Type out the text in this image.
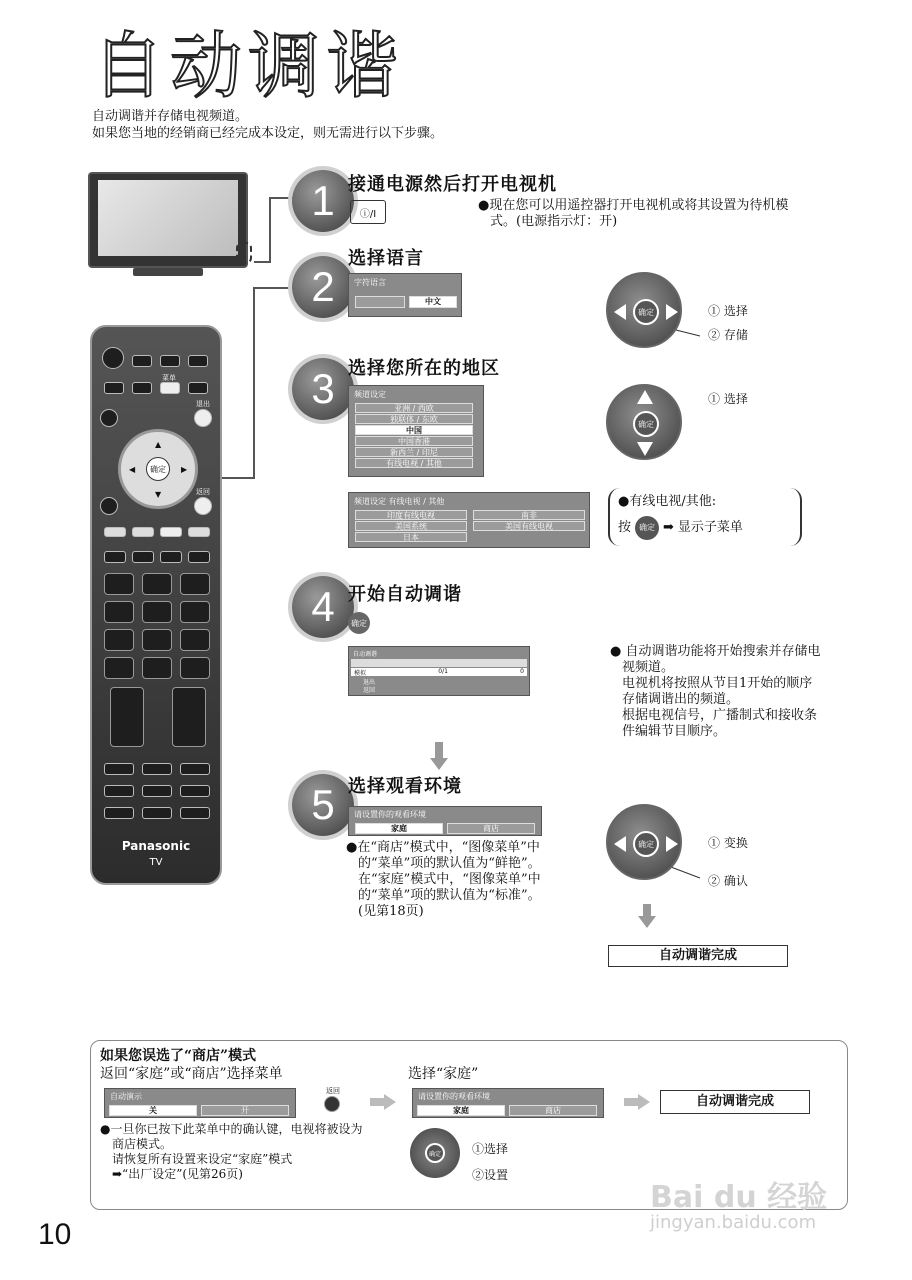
自动调谐
自动调谐并存储电视频道。
如果您当地的经销商已经完成本设定，则无需进行以下步骤。
菜单
退出
确定
▲
▼
◀	▶
返回
Panasonic
TV
1 接通电源然后打开电视机
ⓘ/I
●现在您可以用遥控器打开电视机或将其设置为待机模
式。(电源指示灯：开)
2
选择语言
字符语言
中文
确定	① 选择
② 存储
3 选择您所在的地区
频道设定
亚洲 / 西欧
独联体 / 东欧
中国
中国香港
新西兰 / 印尼
有线电视 / 其他
确定
① 选择
频道设定 有线电视 / 其他
印度有线电视
美国系统
日本
南非
美国有线电视
●有线电视/其他:
按	确定 ➡ 显示子菜单
4 开始自动调谐
确定
自动调谐
模拟	0/1	0
退出
返回
● 自动调谐功能将开始搜索并存储电
视频道。
电视机将按照从节目1开始的顺序
存储调谐出的频道。
根据电视信号，广播制式和接收条
件编辑节目顺序。
5 选择观看环境
请设置你的观看环境
家庭	商店
●在“商店”模式中，“图像菜单”中
的“菜单”项的默认值为“鲜艳”。
在“家庭”模式中，“图像菜单”中
的“菜单”项的默认值为“标准”。
(见第18页)
确定	① 变换
② 确认
自动调谐完成
如果您误选了“商店”模式
返回“家庭”或“商店”选择菜单	选择“家庭”
自动演示
关	开
返回
请设置你的观看环境
家庭	商店
自动调谐完成
●一旦你已按下此菜单中的确认键，电视将被设为
商店模式。
请恢复所有设置来设定“家庭”模式
➡“出厂设定”(见第26页)
确定	①选择
②设置
10
Bai du 经验
jingyan.baidu.com
